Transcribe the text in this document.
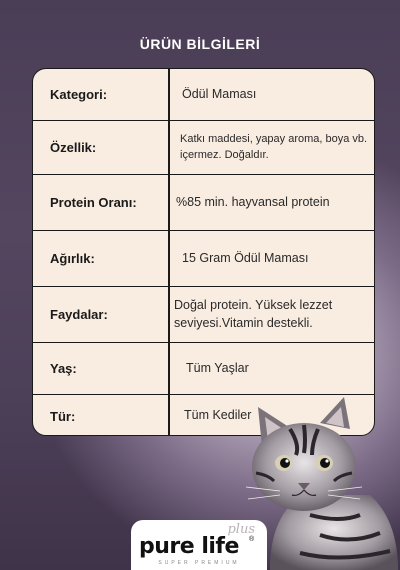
ÜRÜN BİLGİLERİ
Kategori:	Ödül Maması
Özellik:
Katkı maddesi, yapay aroma, boya vb. içermez. Doğaldır.
Protein Oranı:	%85 min. hayvansal protein
Ağırlık:	15 Gram Ödül Maması
Faydalar:
Doğal protein. Yüksek lezzet seviyesi.Vitamin destekli.
Yaş:	Tüm Yaşlar
Tür:	Tüm Kediler
plus
pure life ®
SUPER PREMIUM
